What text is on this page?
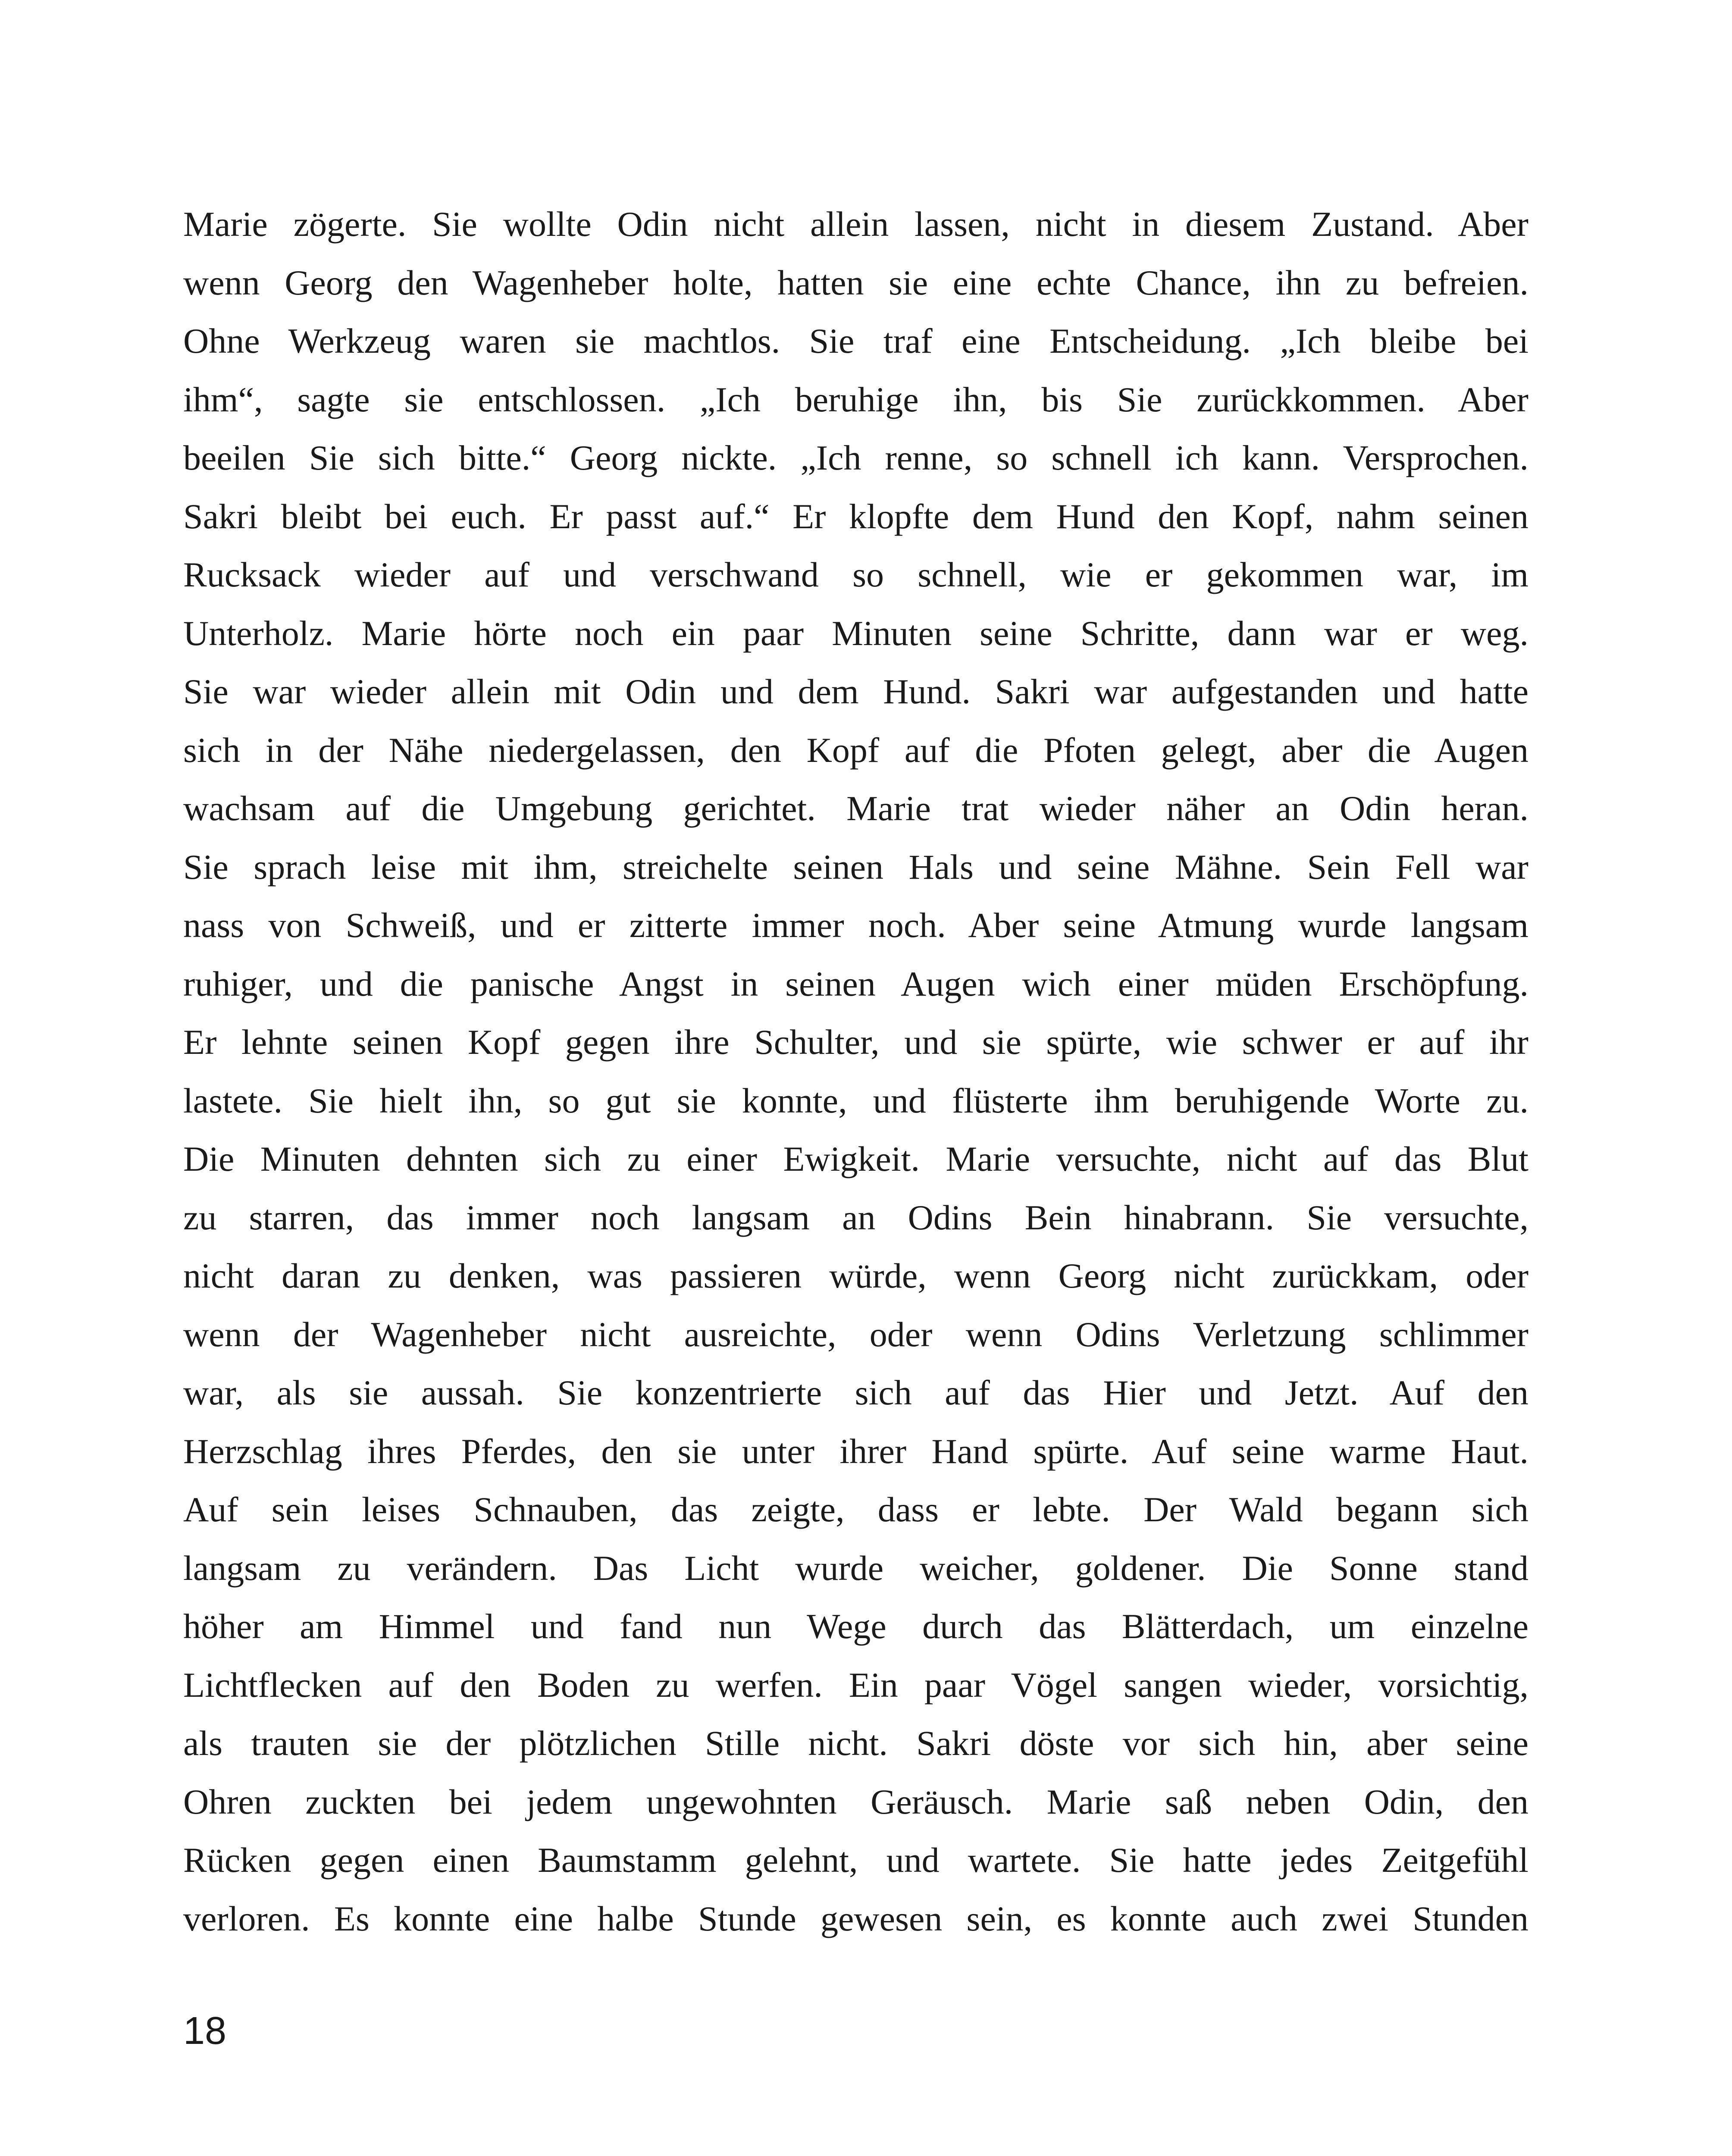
Marie zögerte. Sie wollte Odin nicht allein lassen, nicht in diesem Zustand. Aber
wenn Georg den Wagenheber holte, hatten sie eine echte Chance, ihn zu befreien.
Ohne Werkzeug waren sie machtlos. Sie traf eine Entscheidung. „Ich bleibe bei
ihm“, sagte sie entschlossen. „Ich beruhige ihn, bis Sie zurückkommen. Aber
beeilen Sie sich bitte.“ Georg nickte. „Ich renne, so schnell ich kann. Versprochen.
Sakri bleibt bei euch. Er passt auf.“ Er klopfte dem Hund den Kopf, nahm seinen
Rucksack wieder auf und verschwand so schnell, wie er gekommen war, im
Unterholz. Marie hörte noch ein paar Minuten seine Schritte, dann war er weg.
Sie war wieder allein mit Odin und dem Hund. Sakri war aufgestanden und hatte
sich in der Nähe niedergelassen, den Kopf auf die Pfoten gelegt, aber die Augen
wachsam auf die Umgebung gerichtet. Marie trat wieder näher an Odin heran.
Sie sprach leise mit ihm, streichelte seinen Hals und seine Mähne. Sein Fell war
nass von Schweiß, und er zitterte immer noch. Aber seine Atmung wurde langsam
ruhiger, und die panische Angst in seinen Augen wich einer müden Erschöpfung.
Er lehnte seinen Kopf gegen ihre Schulter, und sie spürte, wie schwer er auf ihr
lastete. Sie hielt ihn, so gut sie konnte, und flüsterte ihm beruhigende Worte zu.
Die Minuten dehnten sich zu einer Ewigkeit. Marie versuchte, nicht auf das Blut
zu starren, das immer noch langsam an Odins Bein hinabrann. Sie versuchte,
nicht daran zu denken, was passieren würde, wenn Georg nicht zurückkam, oder
wenn der Wagenheber nicht ausreichte, oder wenn Odins Verletzung schlimmer
war, als sie aussah. Sie konzentrierte sich auf das Hier und Jetzt. Auf den
Herzschlag ihres Pferdes, den sie unter ihrer Hand spürte. Auf seine warme Haut.
Auf sein leises Schnauben, das zeigte, dass er lebte. Der Wald begann sich
langsam zu verändern. Das Licht wurde weicher, goldener. Die Sonne stand
höher am Himmel und fand nun Wege durch das Blätterdach, um einzelne
Lichtflecken auf den Boden zu werfen. Ein paar Vögel sangen wieder, vorsichtig,
als trauten sie der plötzlichen Stille nicht. Sakri döste vor sich hin, aber seine
Ohren zuckten bei jedem ungewohnten Geräusch. Marie saß neben Odin, den
Rücken gegen einen Baumstamm gelehnt, und wartete. Sie hatte jedes Zeitgefühl
verloren. Es konnte eine halbe Stunde gewesen sein, es konnte auch zwei Stunden
18
